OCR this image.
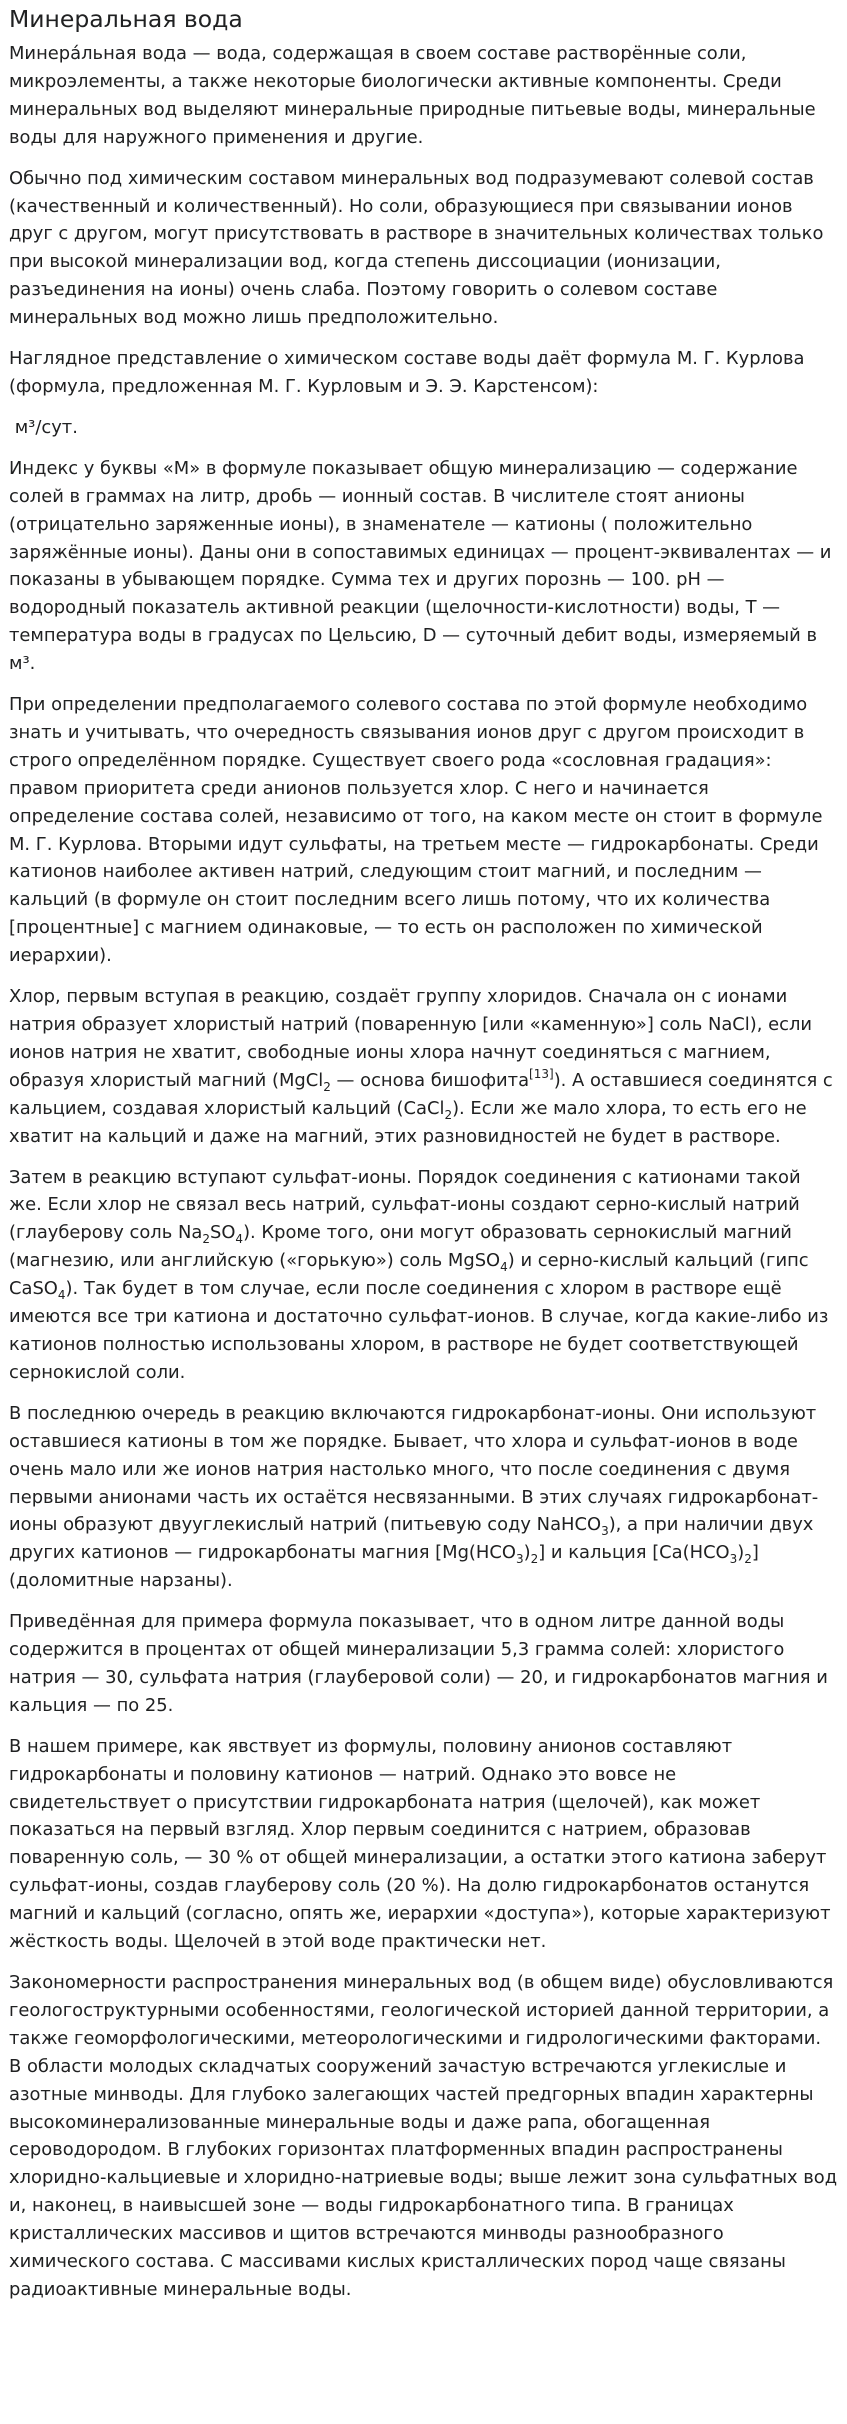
Минеральная вода

Минера́льная вода — вода, содержащая в своем составе растворённые соли, микроэлементы, а также некоторые биологически активные компоненты. Среди минеральных вод выделяют минеральные природные питьевые воды, минеральные воды для наружного применения и другие.

Обычно под химическим составом минеральных вод подразумевают солевой состав (качественный и количественный). Но соли, образующиеся при связывании ионов друг с другом, могут присутствовать в растворе в значительных количествах только при высокой минерализации вод, когда степень диссоциации (ионизации, разъединения на ионы) очень слаба. Поэтому говорить о солевом составе минеральных вод можно лишь предположительно.

Наглядное представление о химическом составе воды даёт формула М. Г. Курлова (формула, предложенная М. Г. Курловым и Э. Э. Карстенсом):

м³/сут.

Индекс у буквы «М» в формуле показывает общую минерализацию — содержание солей в граммах на литр, дробь — ионный состав. В числителе стоят анионы (отрицательно заряженные ионы), в знаменателе — катионы ( положительно заряжённые ионы). Даны они в сопоставимых единицах — процент-эквивалентах — и показаны в убывающем порядке. Сумма тех и других порознь — 100. pH — водородный показатель активной реакции (щелочности-кислотности) воды, T — температура воды в градусах по Цельсию, D — суточный дебит воды, измеряемый в м³.

При определении предполагаемого солевого состава по этой формуле необходимо знать и учитывать, что очередность связывания ионов друг с другом происходит в строго определённом порядке. Существует своего рода «сословная градация»: правом приоритета среди анионов пользуется хлор. С него и начинается определение состава солей, независимо от того, на каком месте он стоит в формуле М. Г. Курлова. Вторыми идут сульфаты, на третьем месте — гидрокарбонаты. Среди катионов наиболее активен натрий, следующим стоит магний, и последним — кальций (в формуле он стоит последним всего лишь потому, что их количества [процентные] с магнием одинаковые, — то есть он расположен по химической иерархии).

Хлор, первым вступая в реакцию, создаёт группу хлоридов. Сначала он с ионами натрия образует хлористый натрий (поваренную [или «каменную»] соль NaCl), если ионов натрия не хватит, свободные ионы хлора начнут соединяться с магнием, образуя хлористый магний (MgCl$_2$ — основа бишофита[13]). А оставшиеся соединятся с кальцием, создавая хлористый кальций (CaCl$_2$). Если же мало хлора, то есть его не хватит на кальций и даже на магний, этих разновидностей не будет в растворе.

Затем в реакцию вступают сульфат-ионы. Порядок соединения с катионами такой же. Если хлор не связал весь натрий, сульфат-ионы создают серно-кислый натрий (глауберову соль $Na_2SO_4$). Кроме того, они могут образовать сернокислый магний (магнезию, или английскую («горькую») соль MgSO$_4$) и серно-кислый кальций (гипс CaSO$_4$). Так будет в том случае, если после соединения с хлором в растворе ещё имеются все три катиона и достаточно сульфат-ионов. В случае, когда какие-либо из катионов полностью использованы хлором, в растворе не будет соответствующей сернокислой соли.

В последнюю очередь в реакцию включаются гидрокарбонат-ионы. Они используют оставшиеся катионы в том же порядке. Бывает, что хлора и сульфат-ионов в воде очень мало или же ионов натрия настолько много, что после соединения с двумя первыми анионами часть их остаётся несвязанными. В этих случаях гидрокарбонат-ионы образуют двууглекислый натрий (питьевую соду NaHCO$_3$), а при наличии двух других катионов — гидрокарбонаты магния $[Mg(HCO_3)_2]$ и кальция $[Ca(HCO_3)_2]$ (доломитные нарзаны).

Приведённая для примера формула показывает, что в одном литре данной воды содержится в процентах от общей минерализации 5,3 грамма солей: хлористого натрия — 30, сульфата натрия (глауберовой соли) — 20, и гидрокарбонатов магния и кальция — по 25.

В нашем примере, как явствует из формулы, половину анионов составляют гидрокарбонаты и половину катионов — натрий. Однако это вовсе не свидетельствует о присутствии гидрокарбоната натрия (щелочей), как может показаться на первый взгляд. Хлор первым соединится с натрием, образовав поваренную соль, — 30 % от общей минерализации, а остатки этого катиона заберут сульфат-ионы, создав глауберову соль (20 %). На долю гидрокарбонатов останутся магний и кальций (согласно, опять же, иерархии «доступа»), которые характеризуют жёсткость воды. Щелочей в этой воде практически нет.

Закономерности распространения минеральных вод (в общем виде) обусловливаются геологоструктурными особенностями, геологической историей данной территории, а также геоморфологическими, метеорологическими и гидрологическими факторами. В области молодых складчатых сооружений зачастую встречаются углекислые и азотные минводы. Для глубоко залегающих частей предгорных впадин характерны высокоминерализованные минеральные воды и даже рапа, обогащенная сероводородом. В глубоких горизонтах платформенных впадин распространены хлоридно-кальциевые и хлоридно-натриевые воды; выше лежит зона сульфатных вод и, наконец, в наивысшей зоне — воды гидрокарбонатного типа. В границах кристаллических массивов и щитов встречаются минводы разнообразного химического состава. С массивами кислых кристаллических пород чаще связаны радиоактивные минеральные воды.
